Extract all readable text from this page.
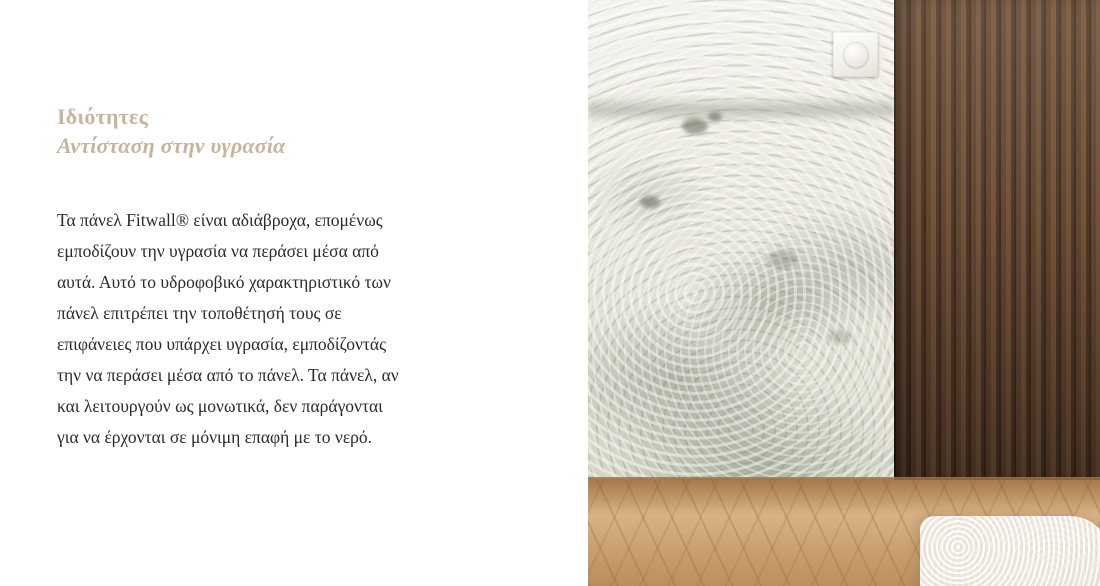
Ιδιότητες
Αντίσταση στην υγρασία
Τα πάνελ Fitwall® είναι αδιάβροχα, επομένως εμποδίζουν την υγρασία να περάσει μέσα από αυτά. Αυτό το υδροφοβικό χαρακτηριστικό των πάνελ επιτρέπει την τοποθέτησή τους σε επιφάνειες που υπάρχει υγρασία, εμποδίζοντάς την να περάσει μέσα από το πάνελ. Τα πάνελ, αν και λειτουργούν ως μονωτικά, δεν παράγονται για να έρχονται σε μόνιμη επαφή με το νερό.
